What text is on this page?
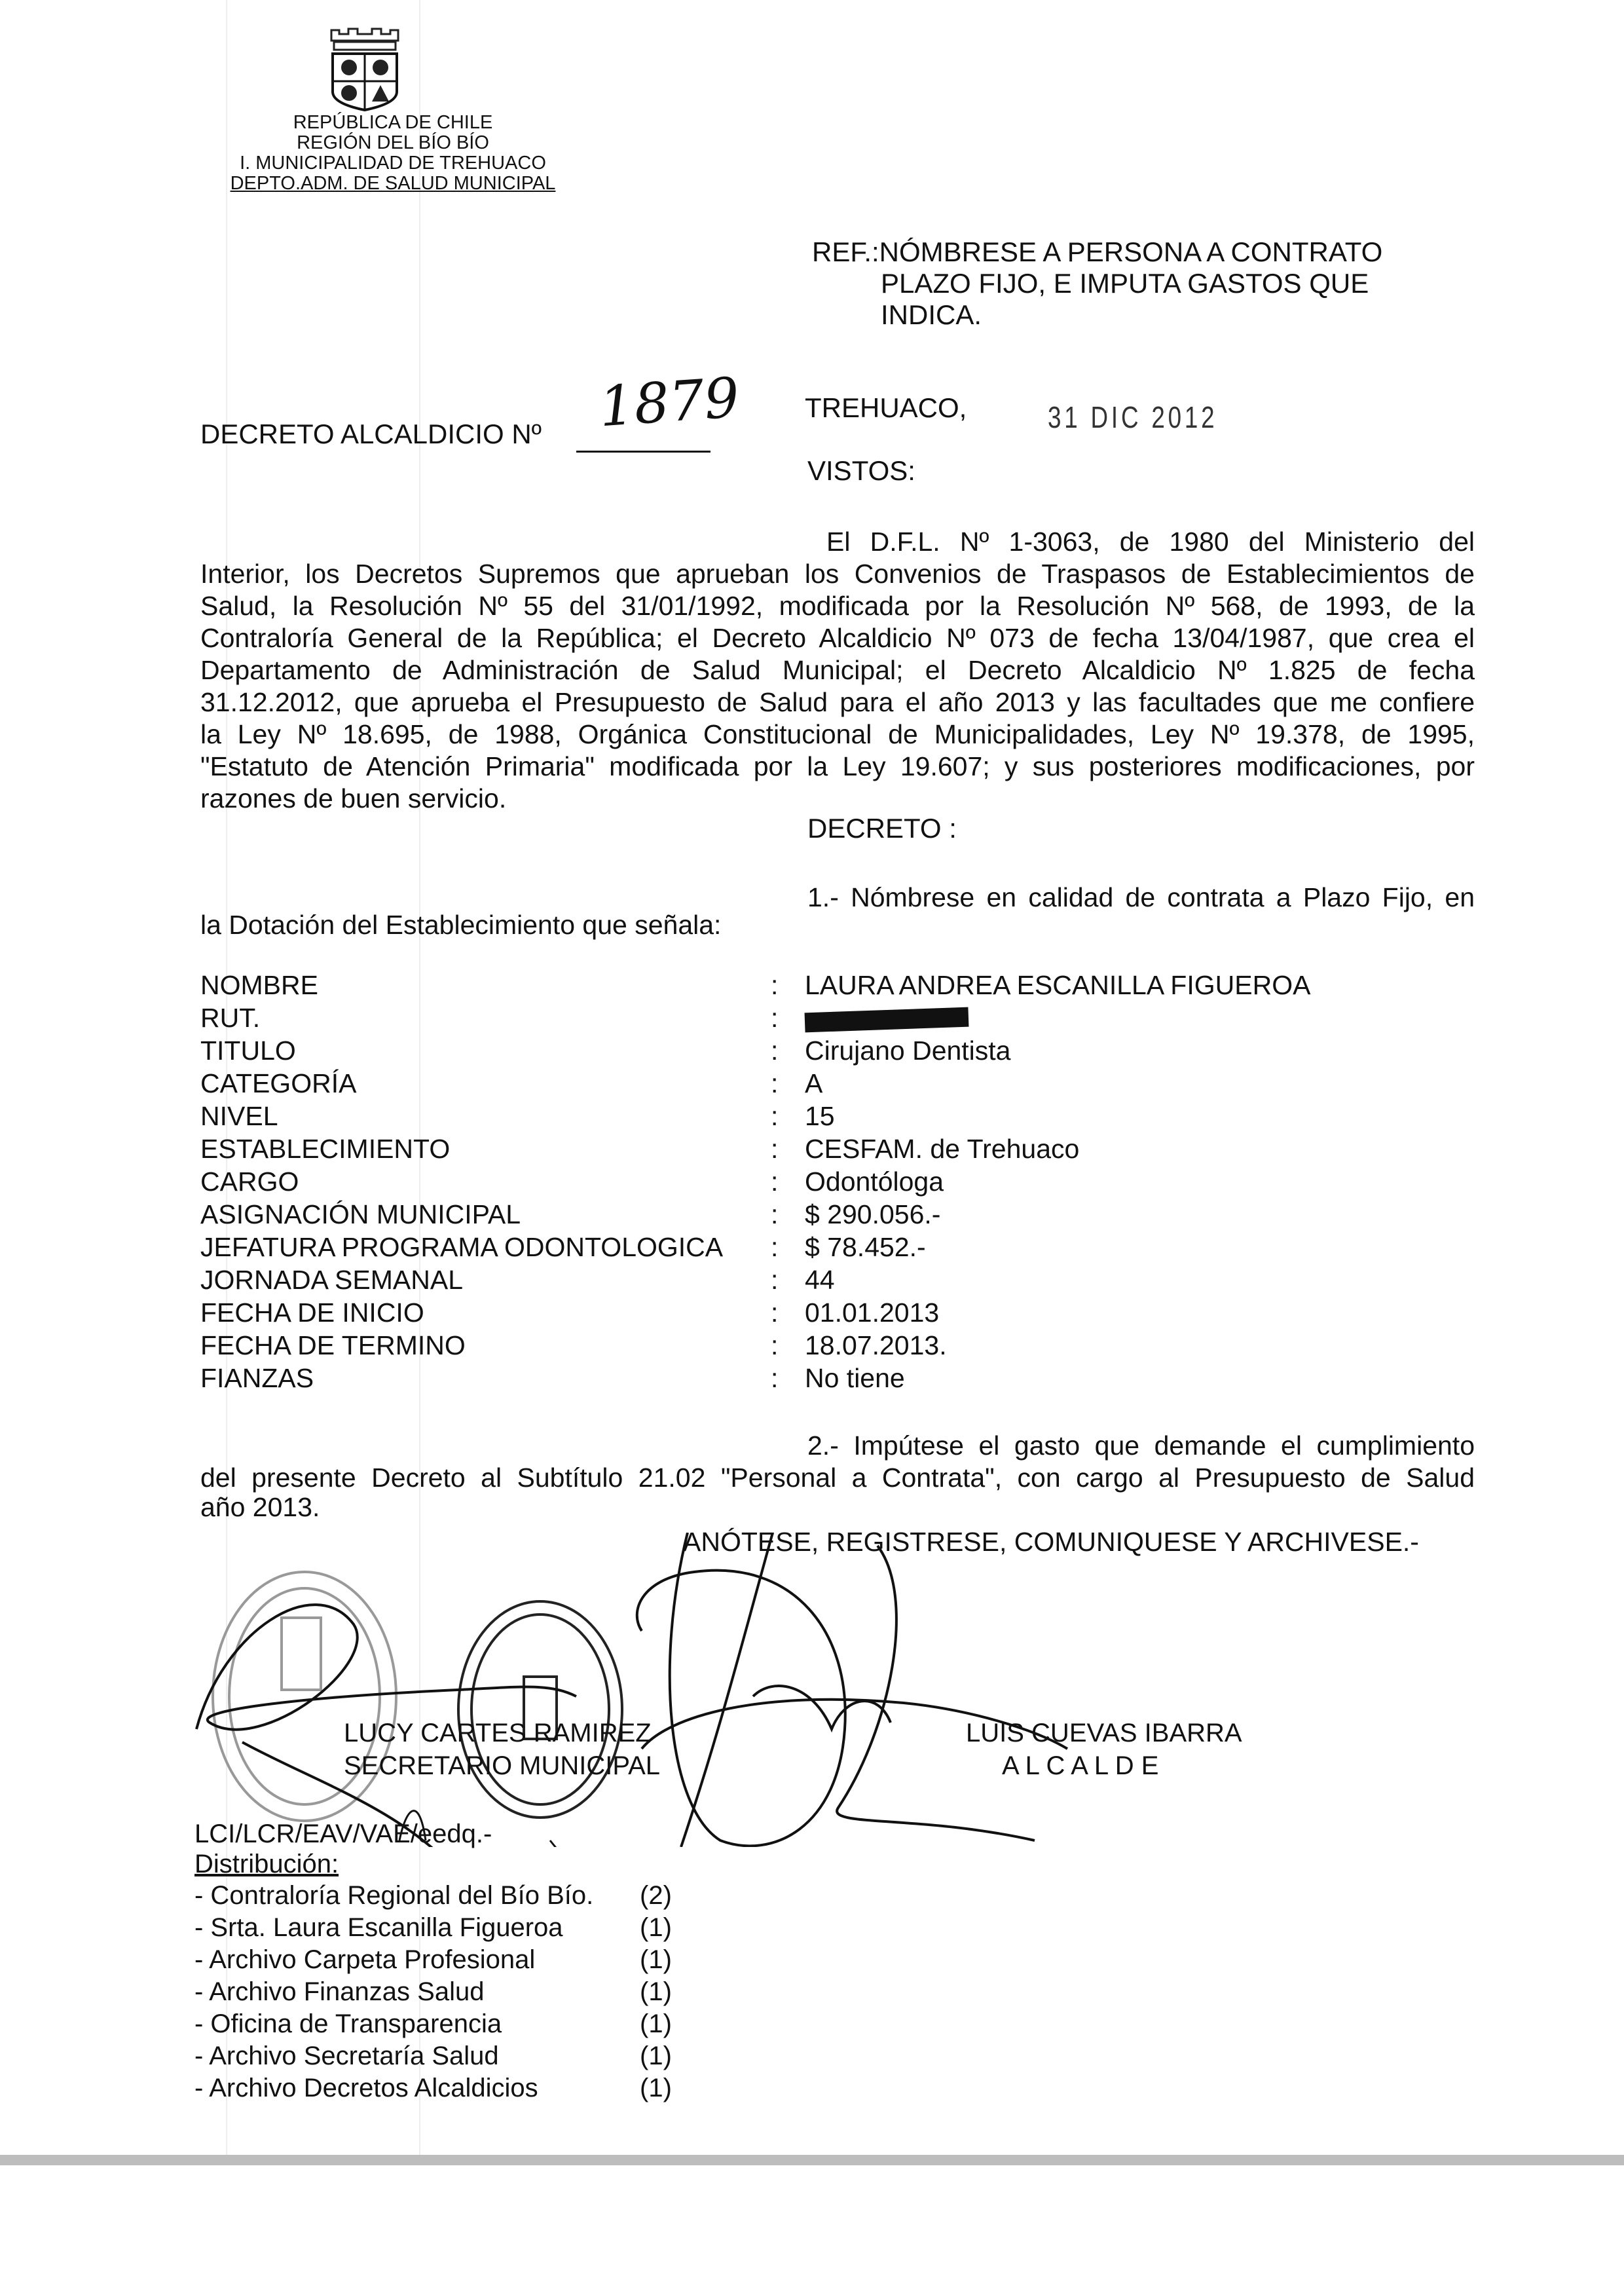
REPÚBLICA DE CHILE
REGIÓN DEL BÍO BÍO
I. MUNICIPALIDAD DE TREHUACO
DEPTO.ADM. DE SALUD MUNICIPAL
REF.:NÓMBRESE A PERSONA A CONTRATO
PLAZO FIJO, E IMPUTA GASTOS QUE
INDICA.
DECRETO ALCALDICIO Nº 1879 TREHUACO,	31 DIC 2012
VISTOS:
El D.F.L. Nº 1-3063, de 1980 del Ministerio del
Interior, los Decretos Supremos que aprueban los Convenios de Traspasos de Establecimientos de
Salud, la Resolución Nº 55 del 31/01/1992, modificada por la Resolución Nº 568, de 1993, de la
Contraloría General de la República; el Decreto Alcaldicio Nº 073 de fecha 13/04/1987, que crea el
Departamento de Administración de Salud Municipal; el Decreto Alcaldicio Nº 1.825 de fecha
31.12.2012, que aprueba el Presupuesto de Salud para el año 2013 y las facultades que me confiere
la Ley Nº 18.695, de 1988, Orgánica Constitucional de Municipalidades, Ley Nº 19.378, de 1995,
"Estatuto de Atención Primaria" modificada por la Ley 19.607; y sus posteriores modificaciones, por
razones de buen servicio.
DECRETO :
1.- Nómbrese en calidad de contrata a Plazo Fijo, en
la Dotación del Establecimiento que señala:
NOMBRE	: LAURA ANDREA ESCANILLA FIGUEROA
RUT.	:
TITULO	: Cirujano Dentista
CATEGORÍA	: A
NIVEL	: 15
ESTABLECIMIENTO	: CESFAM. de Trehuaco
CARGO	: Odontóloga
ASIGNACIÓN MUNICIPAL	: $ 290.056.-
JEFATURA PROGRAMA ODONTOLOGICA : $ 78.452.-
JORNADA SEMANAL	: 44
FECHA DE INICIO	: 01.01.2013
FECHA DE TERMINO	: 18.07.2013.
FIANZAS	: No tiene
2.- Impútese el gasto que demande el cumplimiento
del presente Decreto al Subtítulo 21.02 "Personal a Contrata", con cargo al Presupuesto de Salud
año 2013.
ANÓTESE, REGISTRESE, COMUNIQUESE Y ARCHIVESE.-
LUCY CARTES RAMIREZ
SECRETARIO MUNICIPAL
LUIS CUEVAS IBARRA
A L C A L D E
LCI/LCR/EAV/VAE/eedq.-
Distribución:
- Contraloría Regional del Bío Bío. (2)
- Srta. Laura Escanilla Figueroa	(1)
- Archivo Carpeta Profesional	(1)
- Archivo Finanzas Salud	(1)
- Oficina de Transparencia	(1)
- Archivo Secretaría Salud	(1)
- Archivo Decretos Alcaldicios	(1)
